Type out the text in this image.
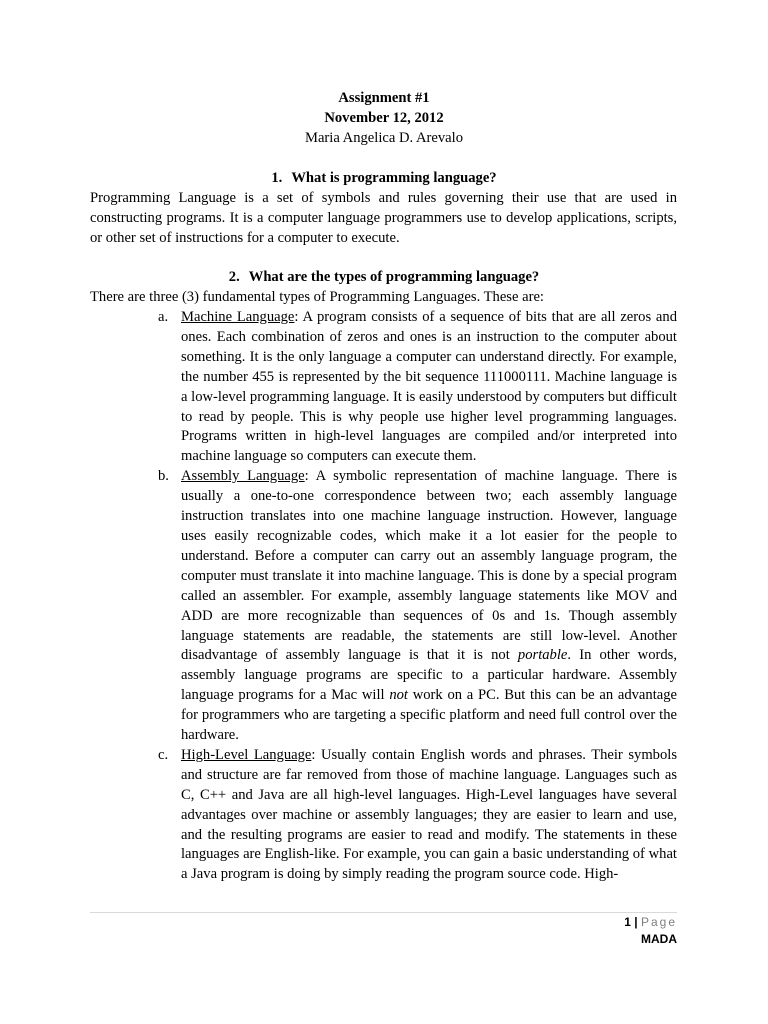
Assignment #1
November 12, 2012
Maria Angelica D. Arevalo
1. What is programming language?
Programming Language is a set of symbols and rules governing their use that are used in constructing programs. It is a computer language programmers use to develop applications, scripts, or other set of instructions for a computer to execute.
2. What are the types of programming language?
There are three (3) fundamental types of Programming Languages. These are:
a. Machine Language: A program consists of a sequence of bits that are all zeros and ones. Each combination of zeros and ones is an instruction to the computer about something. It is the only language a computer can understand directly. For example, the number 455 is represented by the bit sequence 111000111. Machine language is a low-level programming language. It is easily understood by computers but difficult to read by people. This is why people use higher level programming languages. Programs written in high-level languages are compiled and/or interpreted into machine language so computers can execute them.
b. Assembly Language: A symbolic representation of machine language. There is usually a one-to-one correspondence between two; each assembly language instruction translates into one machine language instruction. However, language uses easily recognizable codes, which make it a lot easier for the people to understand. Before a computer can carry out an assembly language program, the computer must translate it into machine language. This is done by a special program called an assembler. For example, assembly language statements like MOV and ADD are more recognizable than sequences of 0s and 1s. Though assembly language statements are readable, the statements are still low-level. Another disadvantage of assembly language is that it is not portable. In other words, assembly language programs are specific to a particular hardware. Assembly language programs for a Mac will not work on a PC. But this can be an advantage for programmers who are targeting a specific platform and need full control over the hardware.
c. High-Level Language: Usually contain English words and phrases. Their symbols and structure are far removed from those of machine language. Languages such as C, C++ and Java are all high-level languages. High-Level languages have several advantages over machine or assembly languages; they are easier to learn and use, and the resulting programs are easier to read and modify. The statements in these languages are English-like. For example, you can gain a basic understanding of what a Java program is doing by simply reading the program source code. High-
1 | Page
MADA
